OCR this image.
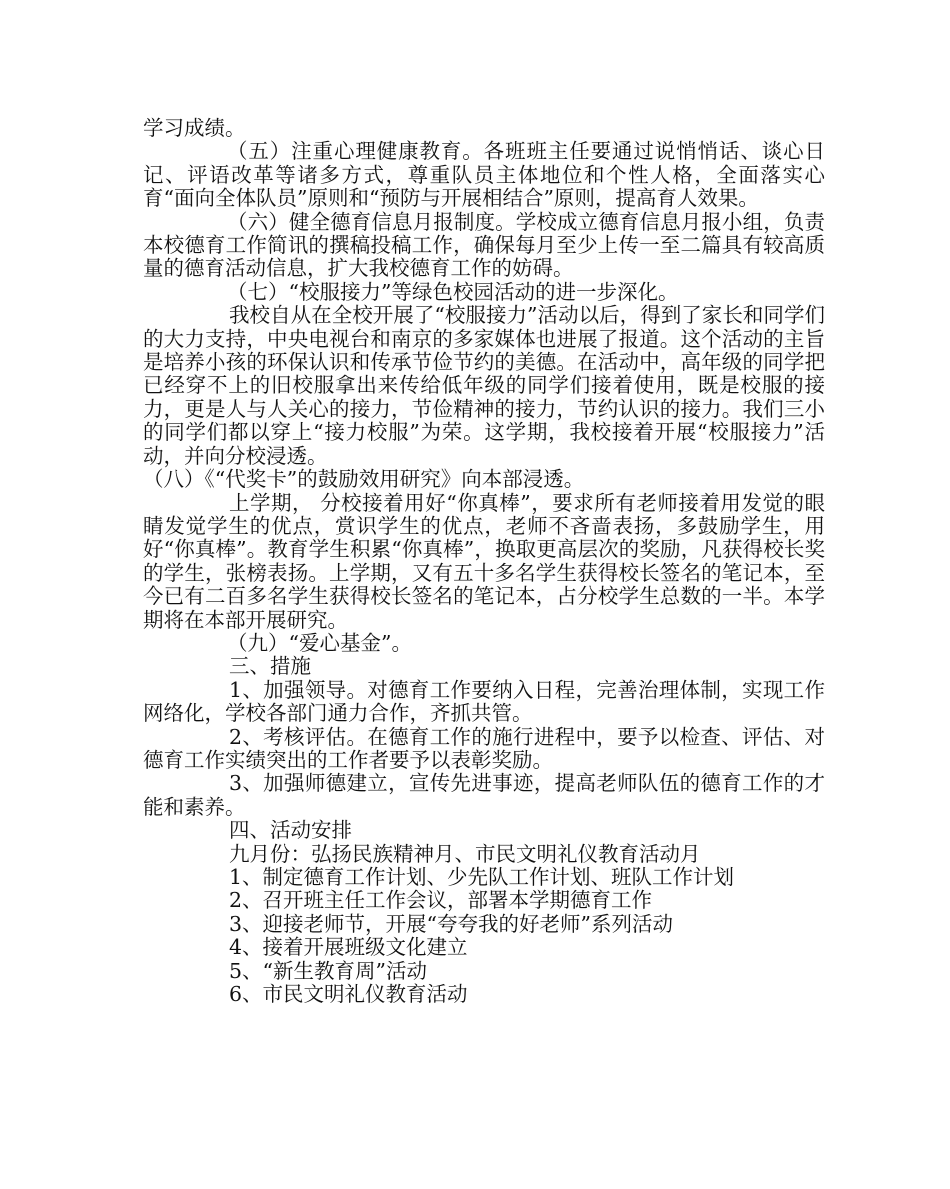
学习成绩。

（五）注重心理健康教育。各班班主任要通过说悄悄话、谈心日记、评语改革等诸多方式，尊重队员主体地位和个性人格，全面落实心育“面向全体队员”原则和“预防与开展相结合”原则，提高育人效果。

（六）健全德育信息月报制度。学校成立德育信息月报小组，负责本校德育工作简讯的撰稿投稿工作，确保每月至少上传一至二篇具有较高质量的德育活动信息，扩大我校德育工作的妨碍。

（七）“校服接力”等绿色校园活动的进一步深化。

我校自从在全校开展了“校服接力”活动以后，得到了家长和同学们的大力支持，中央电视台和南京的多家媒体也进展了报道。这个活动的主旨是培养小孩的环保认识和传承节俭节约的美德。在活动中，高年级的同学把已经穿不上的旧校服拿出来传给低年级的同学们接着使用，既是校服的接力，更是人与人关心的接力，节俭精神的接力，节约认识的接力。我们三小的同学们都以穿上“接力校服”为荣。这学期，我校接着开展“校服接力”活动，并向分校浸透。

（八）《“代奖卡”的鼓励效用研究》向本部浸透。

上学期， 分校接着用好“你真棒”，要求所有老师接着用发觉的眼睛发觉学生的优点，赏识学生的优点，老师不吝啬表扬，多鼓励学生，用好“你真棒”。教育学生积累“你真棒”，换取更高层次的奖励，凡获得校长奖的学生，张榜表扬。上学期，又有五十多名学生获得校长签名的笔记本，至今已有二百多名学生获得校长签名的笔记本，占分校学生总数的一半。本学期将在本部开展研究。

（九）“爱心基金”。

三、措施

1、加强领导。对德育工作要纳入日程，完善治理体制，实现工作网络化，学校各部门通力合作，齐抓共管。

2、考核评估。在德育工作的施行进程中，要予以检查、评估、对德育工作实绩突出的工作者要予以表彰奖励。

3、加强师德建立，宣传先进事迹，提高老师队伍的德育工作的才能和素养。

四、活动安排

九月份：弘扬民族精神月、市民文明礼仪教育活动月

1、制定德育工作计划、少先队工作计划、班队工作计划

2、召开班主任工作会议，部署本学期德育工作

3、迎接老师节，开展“夸夸我的好老师”系列活动

4、接着开展班级文化建立

5、“新生教育周”活动

6、市民文明礼仪教育活动
